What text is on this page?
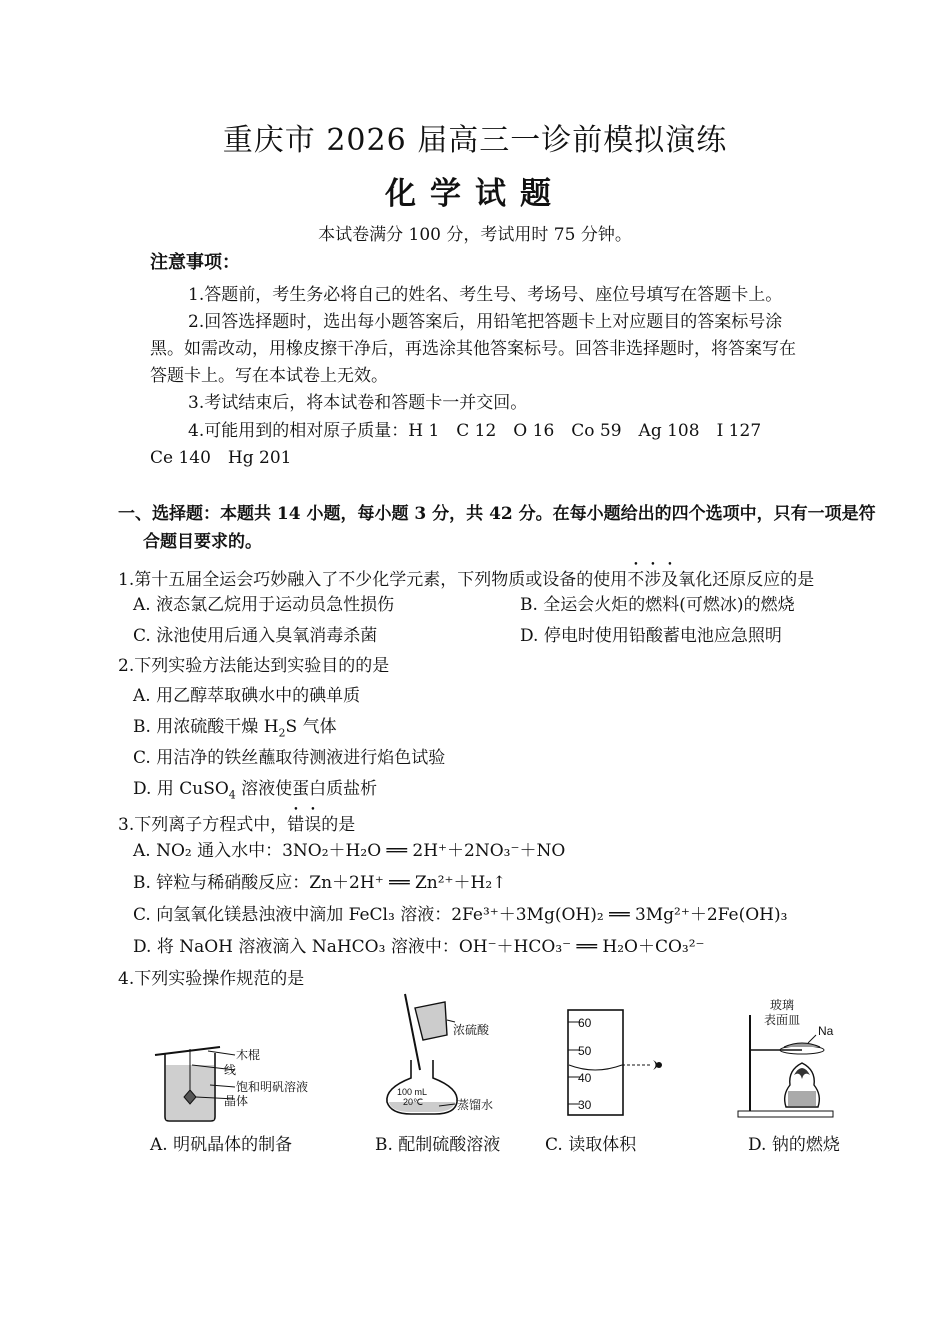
重庆市 2026 届高三一诊前模拟演练
化学试题
本试卷满分 100 分，考试用时 75 分钟。
注意事项：
1.答题前，考生务必将自己的姓名、考生号、考场号、座位号填写在答题卡上。
2.回答选择题时，选出每小题答案后，用铅笔把答题卡上对应题目的答案标号涂
黑。如需改动，用橡皮擦干净后，再选涂其他答案标号。回答非选择题时，将答案写在
答题卡上。写在本试卷上无效。
3.考试结束后，将本试卷和答题卡一并交回。
4.可能用到的相对原子质量：H 1　C 12　O 16　Co 59　Ag 108　I 127
Ce 140　Hg 201
一、选择题：本题共 14 小题，每小题 3 分，共 42 分。在每小题给出的四个选项中，只有一项是符
合题目要求的。
1.第十五届全运会巧妙融入了不少化学元素，下列物质或设备的使用不涉及氧化还原反应的是
A. 液态氯乙烷用于运动员急性损伤	B. 全运会火炬的燃料(可燃冰)的燃烧
C. 泳池使用后通入臭氧消毒杀菌	D. 停电时使用铅酸蓄电池应急照明
2.下列实验方法能达到实验目的的是
A. 用乙醇萃取碘水中的碘单质
B. 用浓硫酸干燥 $H_2S$ 气体
C. 用洁净的铁丝蘸取待测液进行焰色试验
D. 用 CuSO$_4$ 溶液使蛋白质盐析
3.下列离子方程式中，错误的是
A. NO₂ 通入水中：3NO₂＋H₂O ══ 2H⁺＋2NO₃⁻＋NO
B. 锌粒与稀硝酸反应：Zn＋2H⁺ ══ Zn²⁺＋H₂↑
C. 向氢氧化镁悬浊液中滴加 FeCl₃ 溶液：2Fe³⁺＋3Mg(OH)₂ ══ 3Mg²⁺＋2Fe(OH)₃
D. 将 NaOH 溶液滴入 NaHCO₃ 溶液中：OH⁻＋HCO₃⁻ ══ H₂O＋CO₃²⁻
4.下列实验操作规范的是
木棍
线
饱和明矾溶液
晶体
A. 明矾晶体的制备
浓硫酸
蒸馏水
100 mL
20℃
B. 配制硫酸溶液
60
50
40
30
C. 读取体积
玻璃
表面皿
Na
D. 钠的燃烧
